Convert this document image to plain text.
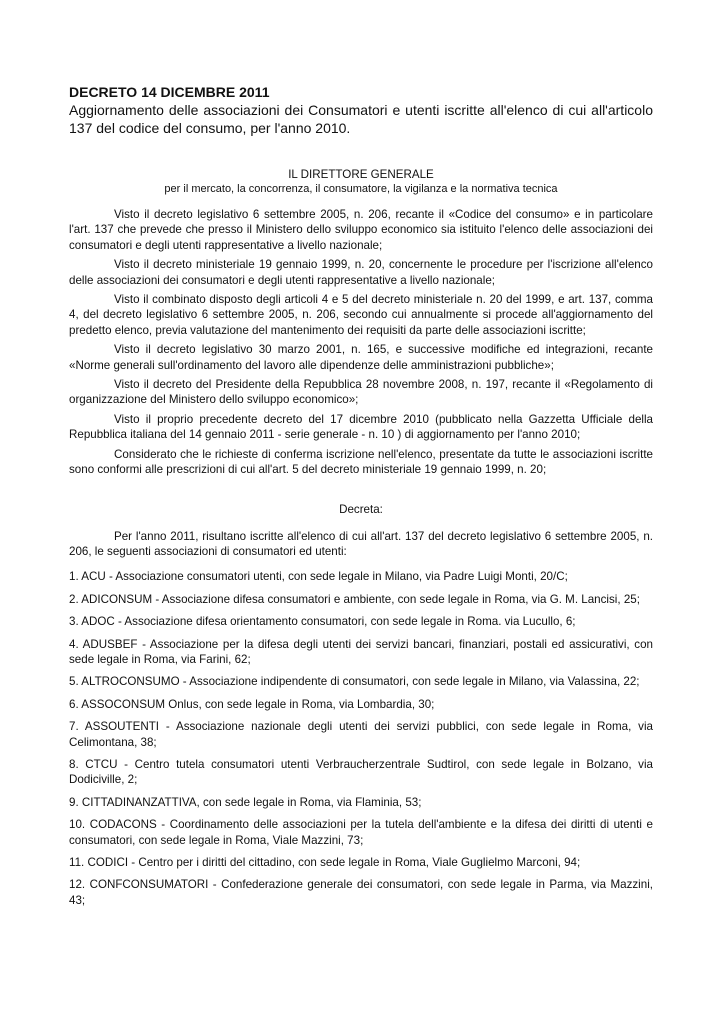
DECRETO 14 DICEMBRE 2011

Aggiornamento delle associazioni dei Consumatori e utenti iscritte all'elenco di cui all'articolo 137 del codice del consumo, per l'anno 2010.

IL DIRETTORE GENERALE
per il mercato, la concorrenza, il consumatore, la vigilanza e la normativa tecnica

Visto il decreto legislativo 6 settembre 2005, n. 206, recante il «Codice del consumo» e in particolare l'art. 137 che prevede che presso il Ministero dello sviluppo economico sia istituito l'elenco delle associazioni dei consumatori e degli utenti rappresentative a livello nazionale;

Visto il decreto ministeriale 19 gennaio 1999, n. 20, concernente le procedure per l'iscrizione all'elenco delle associazioni dei consumatori e degli utenti rappresentative a livello nazionale;

Visto il combinato disposto degli articoli 4 e 5 del decreto ministeriale n. 20 del 1999, e art. 137, comma 4, del decreto legislativo 6 settembre 2005, n. 206, secondo cui annualmente si procede all'aggiornamento del predetto elenco, previa valutazione del mantenimento dei requisiti da parte delle associazioni iscritte;

Visto il decreto legislativo 30 marzo 2001, n. 165, e successive modifiche ed integrazioni, recante «Norme generali sull'ordinamento del lavoro alle dipendenze delle amministrazioni pubbliche»;

Visto il decreto del Presidente della Repubblica 28 novembre 2008, n. 197, recante il «Regolamento di organizzazione del Ministero dello sviluppo economico»;

Visto il proprio precedente decreto del 17 dicembre 2010 (pubblicato nella Gazzetta Ufficiale della Repubblica italiana del 14 gennaio 2011 - serie generale - n. 10 ) di aggiornamento per l'anno 2010;

Considerato che le richieste di conferma iscrizione nell'elenco, presentate da tutte le associazioni iscritte sono conformi alle prescrizioni di cui all'art. 5 del decreto ministeriale 19 gennaio 1999, n. 20;

Decreta:

Per l'anno 2011, risultano iscritte all'elenco di cui all'art. 137 del decreto legislativo 6 settembre 2005, n. 206, le seguenti associazioni di consumatori ed utenti:

1. ACU - Associazione consumatori utenti, con sede legale in Milano, via Padre Luigi Monti, 20/C;

2. ADICONSUM - Associazione difesa consumatori e ambiente, con sede legale in Roma, via G. M. Lancisi, 25;

3. ADOC - Associazione difesa orientamento consumatori, con sede legale in Roma. via Lucullo, 6;

4. ADUSBEF - Associazione per la difesa degli utenti dei servizi bancari, finanziari, postali ed assicurativi, con sede legale in Roma, via Farini, 62;

5. ALTROCONSUMO - Associazione indipendente di consumatori, con sede legale in Milano, via Valassina, 22;

6. ASSOCONSUM Onlus, con sede legale in Roma, via Lombardia, 30;

7. ASSOUTENTI - Associazione nazionale degli utenti dei servizi pubblici, con sede legale in Roma, via Celimontana, 38;

8. CTCU - Centro tutela consumatori utenti Verbraucherzentrale Sudtirol, con sede legale in Bolzano, via Dodiciville, 2;

9. CITTADINANZATTIVA, con sede legale in Roma, via Flaminia, 53;

10. CODACONS - Coordinamento delle associazioni per la tutela dell'ambiente e la difesa dei diritti di utenti e consumatori, con sede legale in Roma, Viale Mazzini, 73;

11. CODICI - Centro per i diritti del cittadino, con sede legale in Roma, Viale Guglielmo Marconi, 94;

12. CONFCONSUMATORI - Confederazione generale dei consumatori, con sede legale in Parma, via Mazzini, 43;
